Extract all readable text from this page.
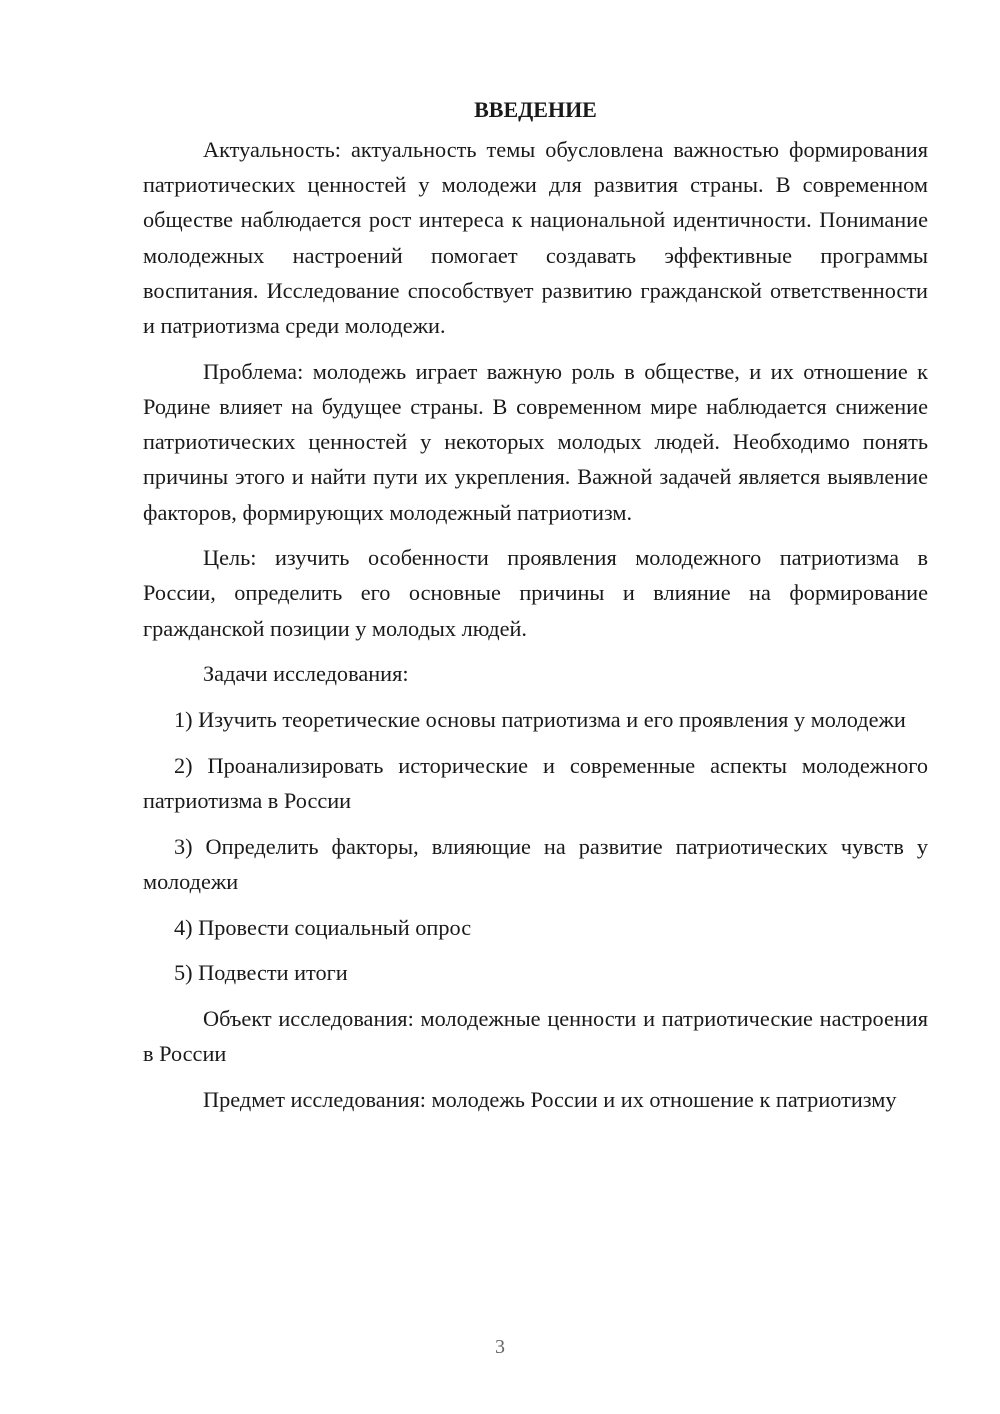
ВВЕДЕНИЕ

Актуальность: актуальность темы обусловлена важностью формирования патриотических ценностей у молодежи для развития страны. В современном обществе наблюдается рост интереса к национальной идентичности. Понимание молодежных настроений помогает создавать эффективные программы воспитания. Исследование способствует развитию гражданской ответственности и патриотизма среди молодежи.

Проблема: молодежь играет важную роль в обществе, и их отношение к Родине влияет на будущее страны. В современном мире наблюдается снижение патриотических ценностей у некоторых молодых людей. Необходимо понять причины этого и найти пути их укрепления. Важной задачей является выявление факторов, формирующих молодежный патриотизм.

Цель: изучить особенности проявления молодежного патриотизма в России, определить его основные причины и влияние на формирование гражданской позиции у молодых людей.

Задачи исследования:

1) Изучить теоретические основы патриотизма и его проявления у молодежи

2) Проанализировать исторические и современные аспекты молодежного патриотизма в России

3) Определить факторы, влияющие на развитие патриотических чувств у молодежи

4) Провести социальный опрос

5) Подвести итоги

Объект исследования: молодежные ценности и патриотические настроения в России

Предмет исследования: молодежь России и их отношение к патриотизму

3
